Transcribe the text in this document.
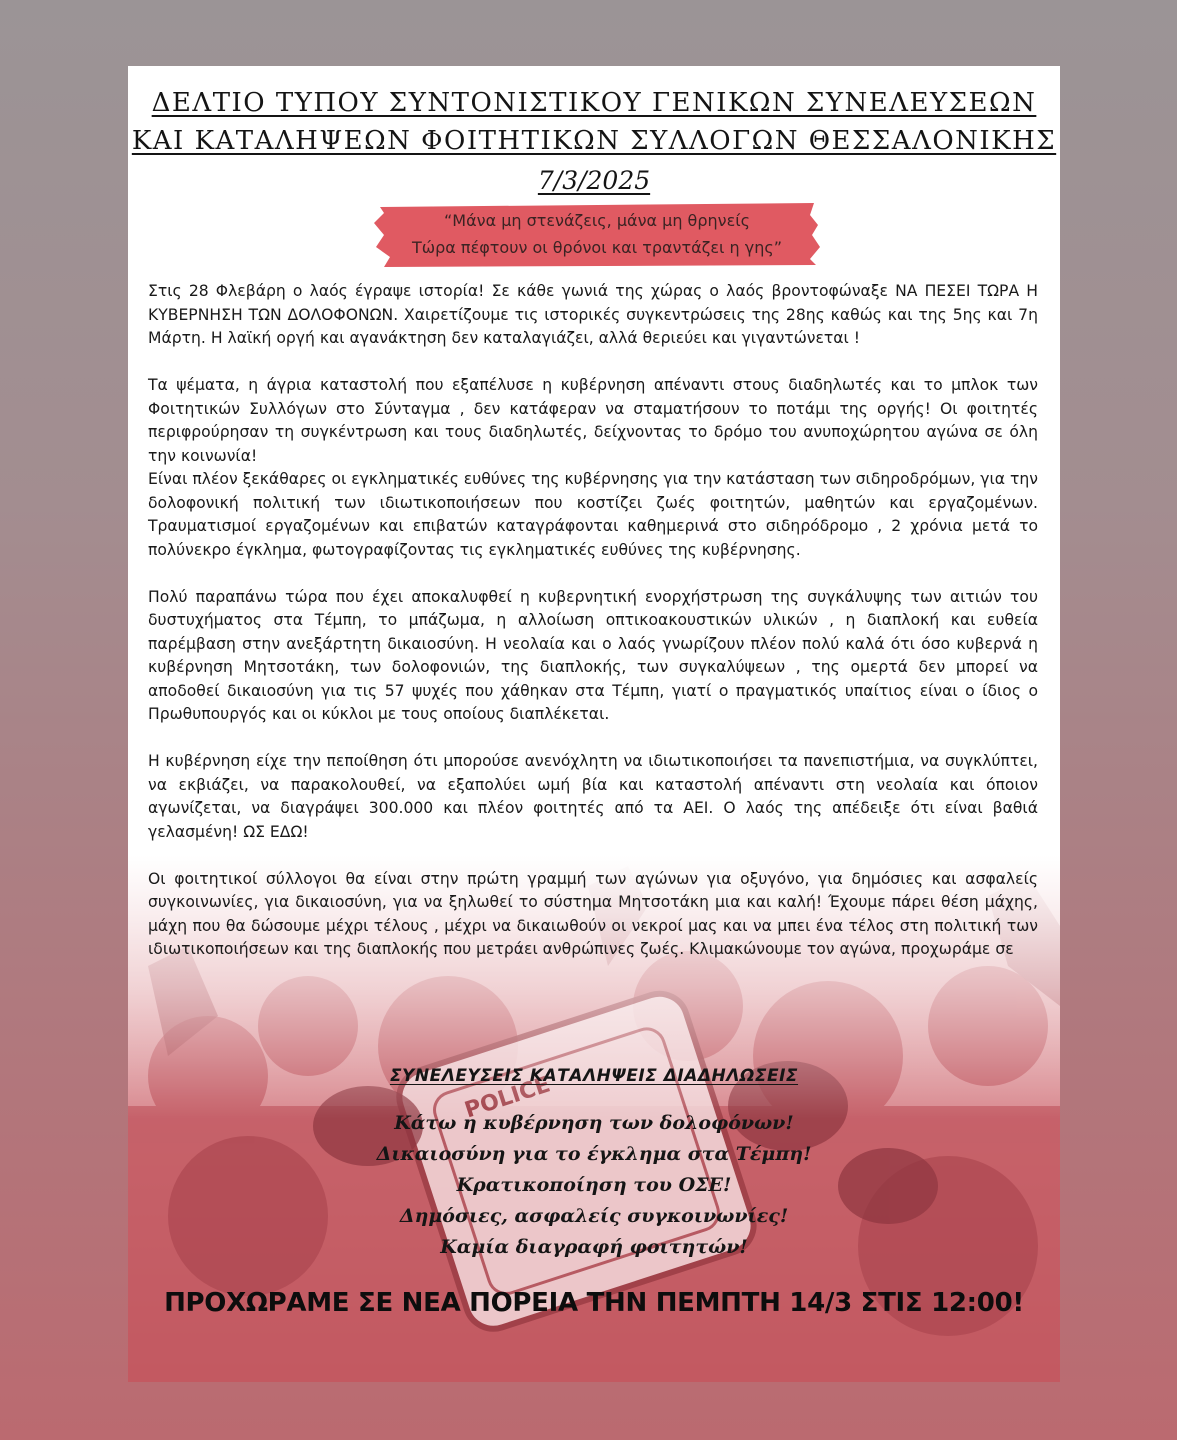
ΔΕΛΤΙΟ ΤΥΠΟΥ ΣΥΝΤΟΝΙΣΤΙΚΟΥ ΓΕΝΙΚΩΝ ΣΥΝΕΛΕΥΣΕΩΝ
ΚΑΙ ΚΑΤΑΛΗΨΕΩΝ ΦΟΙΤΗΤΙΚΩΝ ΣΥΛΛΟΓΩΝ ΘΕΣΣΑΛΟΝΙΚΗΣ
7/3/2025
“Μάνα μη στενάζεις, μάνα μη θρηνείς
Τώρα πέφτουν οι θρόνοι και τραντάζει η γης”

Στις 28 Φλεβάρη ο λαός έγραψε ιστορία! Σε κάθε γωνιά της χώρας ο λαός βροντοφώναξε ΝΑ ΠΕΣΕΙ ΤΩΡΑ Η ΚΥΒΕΡΝΗΣΗ ΤΩΝ ΔΟΛΟΦΟΝΩΝ. Χαιρετίζουμε τις ιστορικές συγκεντρώσεις της 28ης καθώς και της 5ης και 7η Μάρτη. Η λαϊκή οργή και αγανάκτηση δεν καταλαγιάζει, αλλά θεριεύει και γιγαντώνεται !

Τα ψέματα, η άγρια καταστολή που εξαπέλυσε η κυβέρνηση απέναντι στους διαδηλωτές και το μπλοκ των Φοιτητικών Συλλόγων στο Σύνταγμα , δεν κατάφεραν να σταματήσουν το ποτάμι της οργής! Οι φοιτητές περιφρούρησαν τη συγκέντρωση και τους διαδηλωτές, δείχνοντας το δρόμο του ανυποχώρητου αγώνα σε όλη την κοινωνία!

Είναι πλέον ξεκάθαρες οι εγκληματικές ευθύνες της κυβέρνησης για την κατάσταση των σιδηροδρόμων, για την δολοφονική πολιτική των ιδιωτικοποιήσεων που κοστίζει ζωές φοιτητών, μαθητών και εργαζομένων. Τραυματισμοί εργαζομένων και επιβατών καταγράφονται καθημερινά στο σιδηρόδρομο , 2 χρόνια μετά το πολύνεκρο έγκλημα, φωτογραφίζοντας τις εγκληματικές ευθύνες της κυβέρνησης.

Πολύ παραπάνω τώρα που έχει αποκαλυφθεί η κυβερνητική ενορχήστρωση της συγκάλυψης των αιτιών του δυστυχήματος στα Τέμπη, το μπάζωμα, η αλλοίωση οπτικοακουστικών υλικών , η διαπλοκή και ευθεία παρέμβαση στην ανεξάρτητη δικαιοσύνη. Η νεολαία και ο λαός γνωρίζουν πλέον πολύ καλά ότι όσο κυβερνά η κυβέρνηση Μητσοτάκη, των δολοφονιών, της διαπλοκής, των συγκαλύψεων , της ομερτά δεν μπορεί να αποδοθεί δικαιοσύνη για τις 57 ψυχές που χάθηκαν στα Τέμπη, γιατί ο πραγματικός υπαίτιος είναι ο ίδιος ο Πρωθυπουργός και οι κύκλοι με τους οποίους διαπλέκεται.

Η κυβέρνηση είχε την πεποίθηση ότι μπορούσε ανενόχλητη να ιδιωτικοποιήσει τα πανεπιστήμια, να συγκλύπτει, να εκβιάζει, να παρακολουθεί, να εξαπολύει ωμή βία και καταστολή απέναντι στη νεολαία και όποιον αγωνίζεται, να διαγράψει 300.000 και πλέον φοιτητές από τα ΑΕΙ. Ο λαός της απέδειξε ότι είναι βαθιά γελασμένη! ΩΣ ΕΔΩ!

Οι φοιτητικοί σύλλογοι θα είναι στην πρώτη γραμμή των αγώνων για οξυγόνο, για δημόσιες και ασφαλείς συγκοινωνίες, για δικαιοσύνη, για να ξηλωθεί το σύστημα Μητσοτάκη μια και καλή! Έχουμε πάρει θέση μάχης, μάχη που θα δώσουμε μέχρι τέλους , μέχρι να δικαιωθούν οι νεκροί μας και να μπει ένα τέλος στη πολιτική των ιδιωτικοποιήσεων και της διαπλοκής που μετράει ανθρώπινες ζωές. Κλιμακώνουμε τον αγώνα, προχωράμε σε

ΣΥΝΕΛΕΥΣΕΙΣ ΚΑΤΑΛΗΨΕΙΣ ΔΙΑΔΗΛΩΣΕΙΣ
Κάτω η κυβέρνηση των δολοφόνων!
Δικαιοσύνη για το έγκλημα στα Τέμπη!
Κρατικοποίηση του ΟΣΕ!
Δημόσιες, ασφαλείς συγκοινωνίες!
Καμία διαγραφή φοιτητών!
ΠΡΟΧΩΡΑΜΕ ΣΕ ΝΕΑ ΠΟΡΕΙΑ ΤΗΝ ΠΕΜΠΤΗ 14/3 ΣΤΙΣ 12:00!
